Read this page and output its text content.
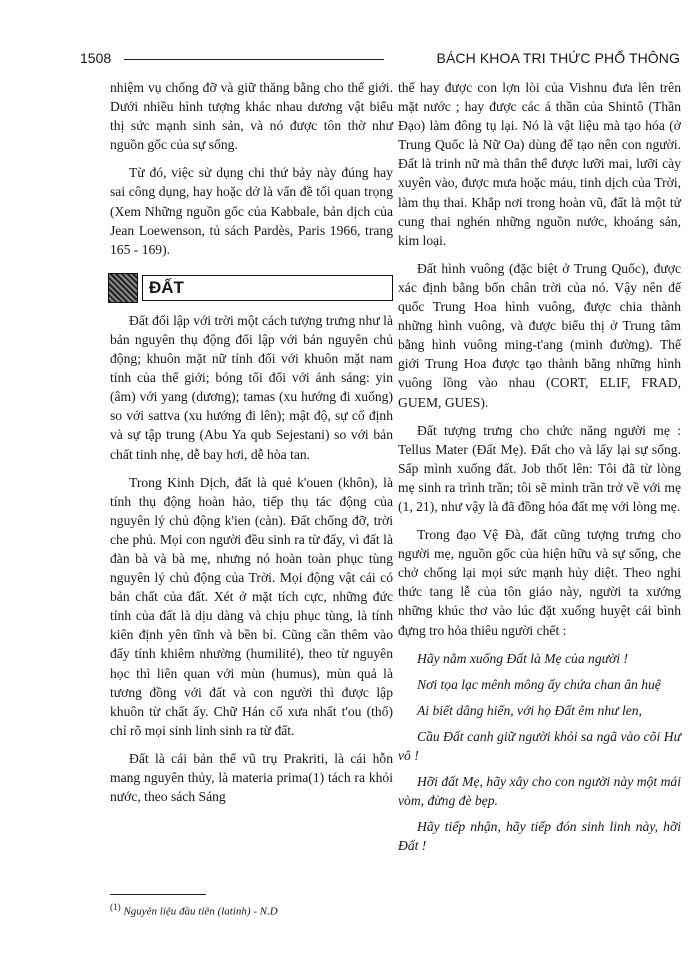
1508	BÁCH KHOA TRI THỨC PHỔ THÔNG

nhiệm vụ chống đỡ và giữ thăng bằng cho thế giới. Dưới nhiều hình tượng khác nhau dương vật biểu thị sức mạnh sinh sản, và nó được tôn thờ như nguồn gốc của sự sống.

Từ đó, việc sử dụng chi thứ bảy này đúng hay sai công dụng, hay hoặc dở là vấn đề tối quan trọng (Xem Những nguồn gốc của Kabbale, bản dịch của Jean Loewenson, tủ sách Pardès, Paris 1966, trang 165 - 169).

ĐẤT

Đất đối lập với trời một cách tượng trưng như là bản nguyên thụ động đối lập với bản nguyên chủ động; khuôn mặt nữ tính đối với khuôn mặt nam tính của thế giới; bóng tối đối với ánh sáng: yin (âm) với yang (dương); tamas (xu hướng đi xuống) so với sattva (xu hướng đi lên); mật độ, sự cố định và sự tập trung (Abu Ya qub Sejestani) so với bản chất tinh nhẹ, dễ bay hơi, dễ hòa tan.

Trong Kinh Dịch, đất là quẻ k'ouen (khôn), là tính thụ động hoàn hảo, tiếp thụ tác động của nguyên lý chủ động k'ien (càn). Đất chống đỡ, trời che phủ. Mọi con người đều sinh ra từ đấy, vì đất là đàn bà và bà mẹ, nhưng nó hoàn toàn phục tùng nguyên lý chủ động của Trời. Mọi động vật cái có bản chất của đất. Xét ở mặt tích cực, những đức tính của đất là dịu dàng và chịu phục tùng, là tính kiên định yên tĩnh và bền bỉ. Cũng cần thêm vào đấy tính khiêm nhường (humilité), theo từ nguyên học thì liên quan với mùn (humus), mùn quả là tương đồng với đất và con người thì được lập khuôn từ chất ấy. Chữ Hán cổ xưa nhất t'ou (thổ) chỉ rõ mọi sinh linh sinh ra từ đất.

Đất là cái bản thể vũ trụ Prakriti, là cái hỗn mang nguyên thủy, là materia prima(1) tách ra khỏi nước, theo sách Sáng

thế hay được con lợn lòi của Vishnu đưa lên trên mặt nước ; hay được các á thần của Shintô (Thần Đạo) làm đông tụ lại. Nó là vật liệu mà tạo hóa (ở Trung Quốc là Nữ Oa) dùng để tạo nên con người. Đất là trinh nữ mà thân thể được lưỡi mai, lưỡi cày xuyên vào, được mưa hoặc máu, tinh dịch của Trời, làm thụ thai. Khắp nơi trong hoàn vũ, đất là một tử cung thai nghén những nguồn nước, khoáng sản, kim loại.

Đất hình vuông (đặc biệt ở Trung Quốc), được xác định bằng bốn chân trời của nó. Vậy nên đế quốc Trung Hoa hình vuông, được chia thành những hình vuông, và được biểu thị ở Trung tâm bằng hình vuông ming-t'ang (minh đường). Thế giới Trung Hoa được tạo thành bằng những hình vuông lồng vào nhau (CORT, ELIF, FRAD, GUEM, GUES).

Đất tượng trưng cho chức năng người mẹ : Tellus Mater (Đất Mẹ). Đất cho và lấy lại sự sống. Sấp mình xuống đất. Job thốt lên: Tôi đã từ lòng mẹ sinh ra trình trần; tôi sẽ mình trần trở về với mẹ (1, 21), như vậy là đã đồng hóa đất mẹ với lòng mẹ.

Trong đạo Vệ Đà, đất cũng tượng trưng cho người mẹ, nguồn gốc của hiện hữu và sự sống, che chở chống lại mọi sức mạnh hủy diệt. Theo nghi thức tang lễ của tôn giáo này, người ta xướng những khúc thơ vào lúc đặt xuống huyệt cái bình đựng tro hỏa thiêu người chết :

Hãy nằm xuống Đất là Mẹ của người !

Nơi tọa lạc mênh mông ấy chứa chan ân huệ

Ai biết dâng hiến, với họ Đất êm như len,

Cầu Đất canh giữ người khỏi sa ngã vào cõi Hư vô !

Hỡi đất Mẹ, hãy xây cho con người này một mái vòm, đừng đè bẹp.

Hãy tiếp nhận, hãy tiếp đón sinh linh này, hỡi Đất !

$^{(1)}$ Nguyên liệu đầu tiên (latinh) - N.D
